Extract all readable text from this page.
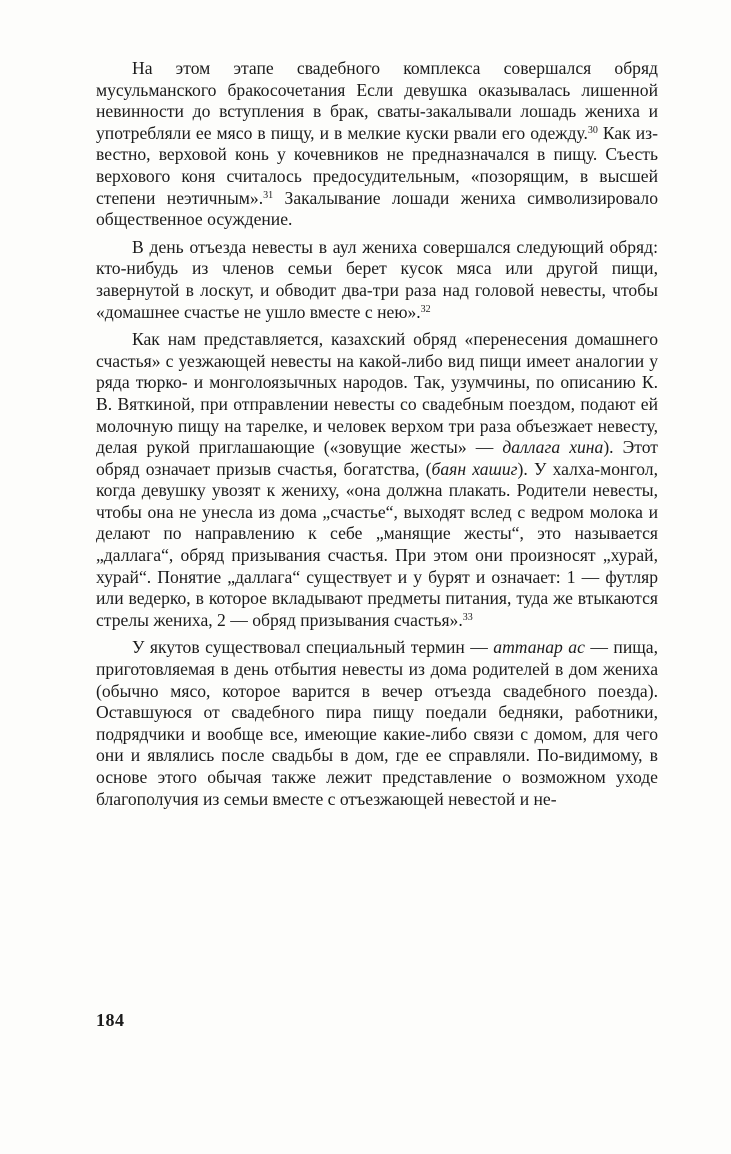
На этом этапе свадебного комплекса совершался обряд мусульманского бракосочетания Если девушка оказывалась лишенной невинности до вступления в брак, сваты-закалывали лошадь жениха и употребляли ее мясо в пищу, и в мелкие куски рвали его одежду.$^{30}$ Как известно, верховой конь у кочевников не предназначался в пищу. Съесть верхового коня считалось предосудительным, «позорящим, в высшей степени неэтичным».$^{31}$ Закалывание лошади жениха символизировало общественное осуждение.

В день отъезда невесты в аул жениха совершался следующий обряд: кто-нибудь из членов семьи берет кусок мяса или другой пищи, завернутой в лоскут, и обводит два-три раза над головой невесты, чтобы «домашнее счастье не ушло вместе с нею».$^{32}$

Как нам представляется, казахский обряд «перенесения домашнего счастья» с уезжающей невесты на какой-либо вид пищи имеет аналогии у ряда тюрко- и монголоязычных народов. Так, узумчины, по описанию К. В. Вяткиной, при отправлении невесты со свадебным поездом, подают ей молочную пищу на тарелке, и человек верхом три раза объезжает невесту, делая рукой приглашающие («зовущие жесты» — даллага хина). Этот обряд означает призыв счастья, богатства, (баян хашиг). У халха-монгол, когда девушку увозят к жениху, «она должна плакать. Родители невесты, чтобы она не унесла из дома „счастье“, выходят вслед с ведром молока и делают по направлению к себе „манящие жесты“, это называется „даллага“, обряд призывания счастья. При этом они произносят „хурай, хурай“. Понятие „даллага“ существует и у бурят и означает: 1 — футляр или ведерко, в которое вкладывают предметы питания, туда же втыкаются стрелы жениха, 2 — обряд призывания счастья».$^{33}$

У якутов существовал специальный термин — аттанар ас — пища, приготовляемая в день отбытия невесты из дома родителей в дом жениха (обычно мясо, которое варится в вечер отъезда свадебного поезда). Оставшуюся от свадебного пира пищу поедали бедняки, работники, подрядчики и вообще все, имеющие какие-либо связи с домом, для чего они и являлись после свадьбы в дом, где ее справляли. По-видимому, в основе этого обычая также лежит представление о возможном уходе благополучия из семьи вместе с отъезжающей невестой и не-

184
